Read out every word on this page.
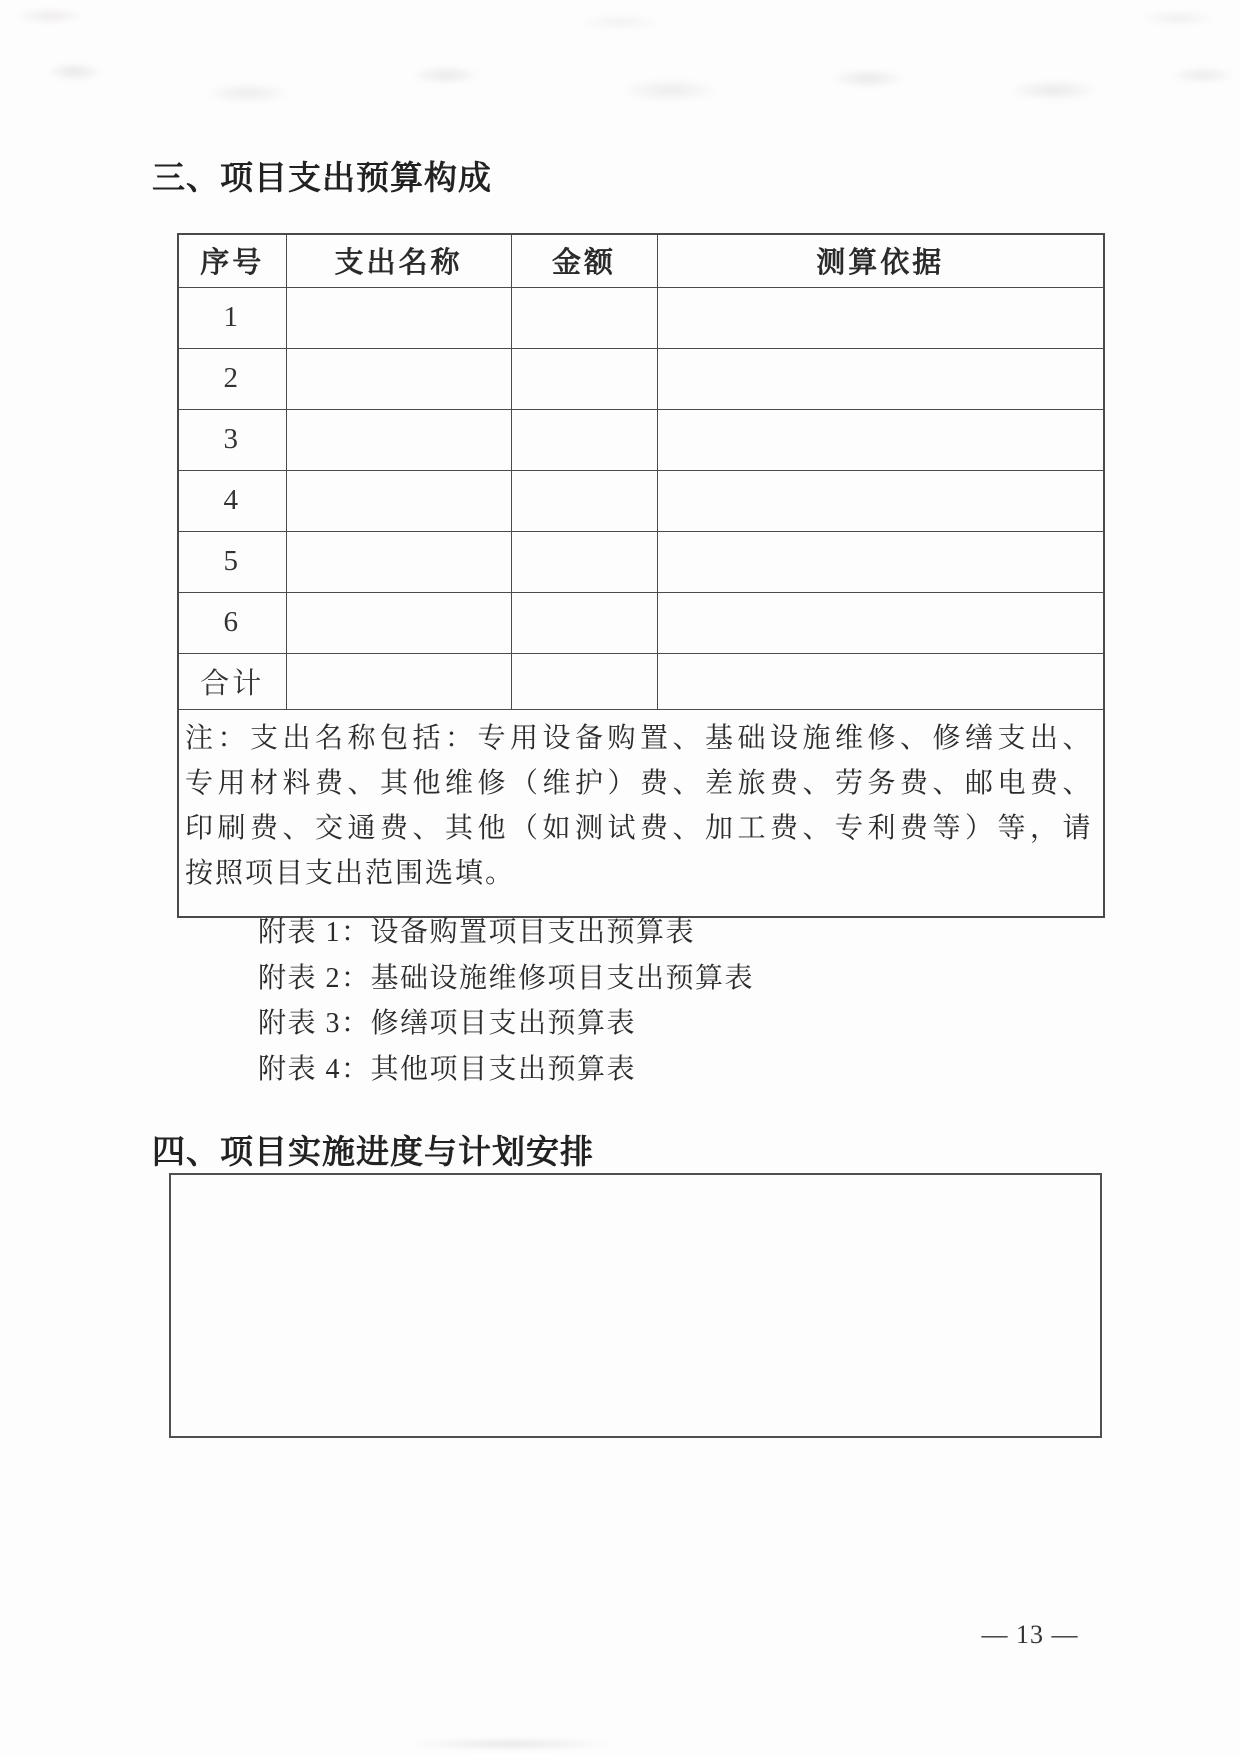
三、项目支出预算构成
序号	支出名称	金额	测算依据
1			
2			
3			
4			
5			
6			
合计			

注：支出名称包括：专用设备购置、基础设施维修、修缮支出、
专用材料费、其他维修（维护）费、差旅费、劳务费、邮电费、
印刷费、交通费、其他（如测试费、加工费、专利费等）等，请
按照项目支出范围选填。			
附表 1：设备购置项目支出预算表
附表 2：基础设施维修项目支出预算表
附表 3：修缮项目支出预算表
附表 4：其他项目支出预算表
四、项目实施进度与计划安排
— 13 —
